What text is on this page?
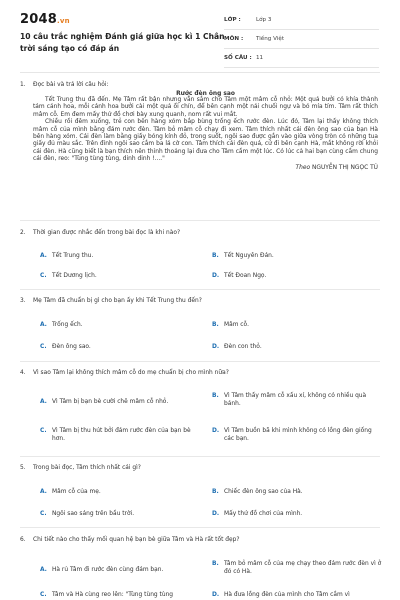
2048.vn
10 câu trắc nghiệm Đánh giá giữa học kì 1 Chân trời sáng tạo có đáp án
LỚP :	Lớp 3
MÔN :	Tiếng Việt
SỐ CÂU : 11
1. Đọc bài và trả lời câu hỏi:
Rước đèn ông sao

Tết Trung thu đã đến. Mẹ Tâm rất bận nhưng vẫn sắm cho Tâm một mâm cỗ nhỏ: Một quả bưởi có khía thành tám cánh hoa, mỗi cánh hoa bưởi cài một quả ổi chín, để bên cạnh một nải chuối ngự và bó mía tím. Tâm rất thích mâm cỗ. Em đem mấy thứ đồ chơi bày xung quanh, nom rất vui mắt.

Chiều rồi đêm xuống, trẻ con bên hàng xóm bắp bùng trống ếch rước đèn. Lúc đó, Tâm lại thấy không thích mâm cỗ của mình bằng đám rước đèn. Tâm bỏ mâm cỗ chạy đi xem. Tâm thích nhất cái đèn ông sao của bạn Hà bên hàng xóm. Cái đèn làm bằng giấy bóng kính đỏ, trong suốt, ngôi sao được gắn vào giữa vòng tròn có những tua giấy đủ màu sắc. Trên đỉnh ngôi sao cắm ba lá cờ con. Tâm thích cái đèn quá, cứ đi bên cạnh Hà, mắt không rời khỏi cái đèn. Hà cũng biết là bạn thích nên thỉnh thoảng lại đưa cho Tâm cầm một lúc. Có lúc cả hai bạn cùng cầm chung cái đèn, reo: "Tùng tùng tùng, dinh dinh !...."

Theo NGUYỄN THỊ NGỌC TÚ
2. Thời gian được nhắc đến trong bài đọc là khi nào?
A. Tết Trung thu.	B. Tết Nguyên Đán.
C. Tết Dương lịch.	D. Tết Đoan Ngọ.
3. Mẹ Tâm đã chuẩn bị gì cho bạn ấy khi Tết Trung thu đến?
A. Trống ếch.	B. Mâm cỗ.
C. Đèn ông sao.	D. Đèn con thỏ.
4. Vì sao Tâm lại không thích mâm cỗ do mẹ chuẩn bị cho mình nữa?
A. Vì Tâm bị bạn bè cười chê mâm cỗ nhỏ.
B. Vì Tâm thấy mâm cỗ xấu xí, không có nhiều quà bánh.
C. Vì Tâm bị thu hút bởi đám rước đèn của bạn bè hơn.
D. Vì Tâm buồn bã khi mình không có lồng đèn giống các bạn.
5. Trong bài đọc, Tâm thích nhất cái gì?
A. Mâm cỗ của mẹ.	B. Chiếc đèn ông sao của Hà.
C. Ngôi sao sáng trên bầu trời.	D. Mấy thứ đồ chơi của mình.
6. Chi tiết nào cho thấy mối quan hệ bạn bè giữa Tâm và Hà rất tốt đẹp?
A. Hà rủ Tâm đi rước đèn cùng đám bạn.
B. Tâm bỏ mâm cỗ của mẹ chạy theo đám rước đèn vì ở đó có Hà.
C. Tâm và Hà cùng reo lên: "Tùng tùng tùng	D. Hà đưa lồng đèn của mình cho Tâm cầm vì
